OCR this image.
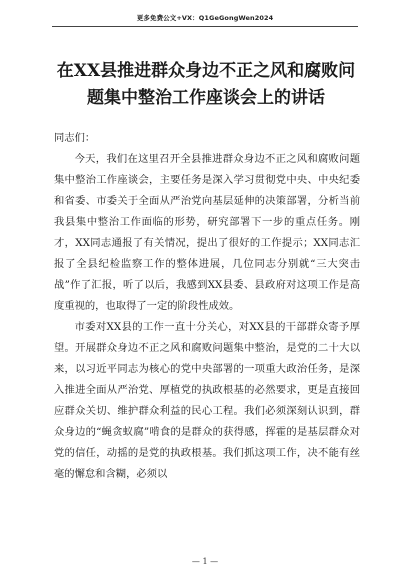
更多免费公文+VX：Q1GeGongWen2024
在XX县推进群众身边不正之风和腐败问题集中整治工作座谈会上的讲话

同志们：

今天，我们在这里召开全县推进群众身边不正之风和腐败问题集中整治工作座谈会，主要任务是深入学习贯彻党中央、中央纪委和省委、市委关于全面从严治党向基层延伸的决策部署，分析当前我县集中整治工作面临的形势，研究部署下一步的重点任务。刚才，XX同志通报了有关情况，提出了很好的工作提示；XX同志汇报了全县纪检监察工作的整体进展，几位同志分别就“三大突击战”作了汇报，听了以后，我感到XX县委、县政府对这项工作是高度重视的，也取得了一定的阶段性成效。

市委对XX县的工作一直十分关心，对XX县的干部群众寄予厚望。开展群众身边不正之风和腐败问题集中整治，是党的二十大以来，以习近平同志为核心的党中央部署的一项重大政治任务，是深入推进全面从严治党、厚植党的执政根基的必然要求，更是直接回应群众关切、维护群众利益的民心工程。我们必须深刻认识到，群众身边的“蝇贪蚁腐”啃食的是群众的获得感，挥霍的是基层群众对党的信任，动摇的是党的执政根基。我们抓这项工作，决不能有丝毫的懈怠和含糊，必须以

— 1 —
